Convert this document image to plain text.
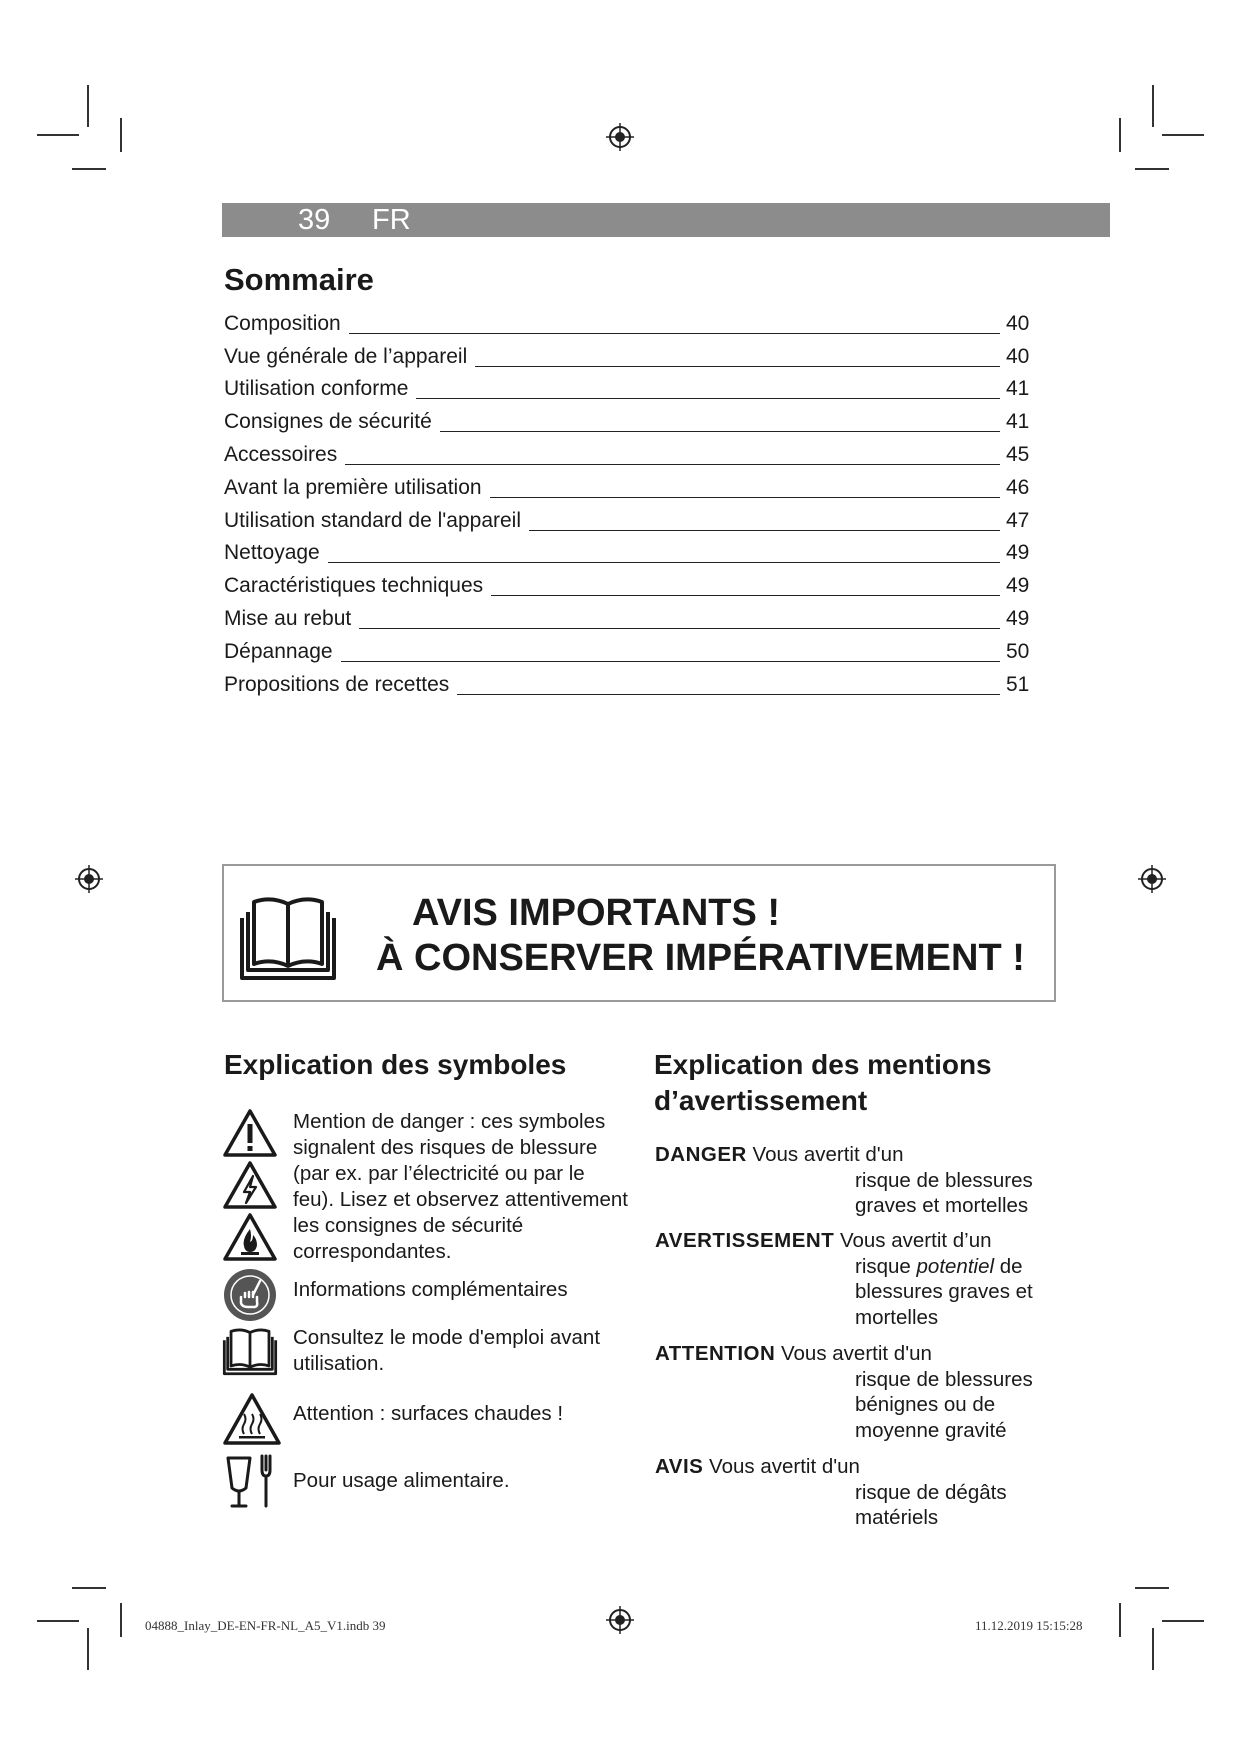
39 FR
Sommaire
Composition	40
Vue générale de l’appareil	40
Utilisation conforme	41
Consignes de sécurité	41
Accessoires	45
Avant la première utilisation	46
Utilisation standard de l'appareil	47
Nettoyage	49
Caractéristiques techniques	49
Mise au rebut	49
Dépannage	50
Propositions de recettes	51
AVIS IMPORTANTS !
À CONSERVER IMPÉRATIVEMENT !
Explication des symboles
Mention de danger : ces symboles signalent des risques de blessure (par ex. par l’électricité ou par le feu). Lisez et observez attentivement les consignes de sécurité correspondantes.
Informations complémentaires
Consultez le mode d'emploi avant utilisation.
Attention : surfaces chaudes !
Pour usage alimentaire.
Explication des mentions
d’avertissement
DANGER Vous avertit d'un
risque de blessures
graves et mortelles
AVERTISSEMENT Vous avertit d’un
risque potentiel de
blessures graves et
mortelles
ATTENTION Vous avertit d'un
risque de blessures
bénignes ou de
moyenne gravité
AVIS Vous avertit d'un
risque de dégâts
matériels
04888_Inlay_DE-EN-FR-NL_A5_V1.indb 39	11.12.2019 15:15:28
